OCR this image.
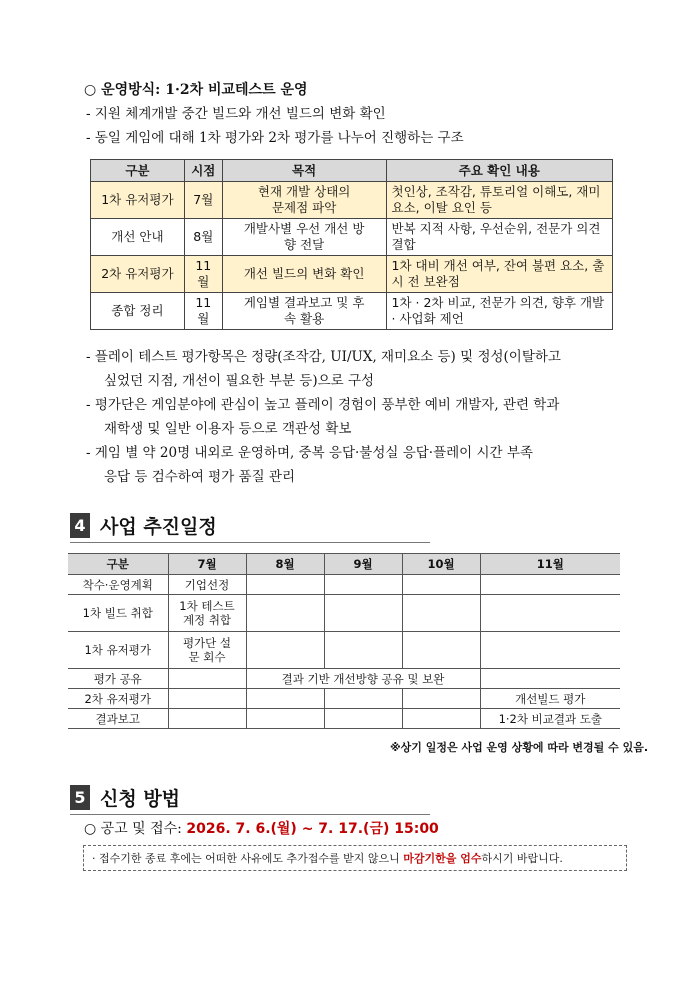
○ 운영방식: 1·2차 비교테스트 운영
- 지원 체계개발 중간 빌드와 개선 빌드의 변화 확인
- 동일 게임에 대해 1차 평가와 2차 평가를 나누어 진행하는 구조
구분	시점	목적	주요 확인 내용
1차 유저평가	7월	현재 개발 상태의 문제점 파악	첫인상, 조작감, 튜토리얼 이해도, 재미요소, 이탈 요인 등
개선 안내	8월	개발사별 우선 개선 방향 전달	반복 지적 사항, 우선순위, 전문가 의견 결합
2차 유저평가	11월	개선 빌드의 변화 확인	1차 대비 개선 여부, 잔여 불편 요소, 출시 전 보완점
종합 정리	11월	게임별 결과보고 및 후속 활용	1차 · 2차 비교, 전문가 의견, 향후 개발 · 사업화 제언
- 플레이 테스트 평가항목은 정량(조작감, UI/UX, 재미요소 등) 및 정성(이탈하고
싶었던 지점, 개선이 필요한 부분 등)으로 구성
- 평가단은 게임분야에 관심이 높고 플레이 경험이 풍부한 예비 개발자, 관련 학과
재학생 및 일반 이용자 등으로 객관성 확보
- 게임 별 약 20명 내외로 운영하며, 중복 응답·불성실 응답·플레이 시간 부족
응답 등 검수하여 평가 품질 관리
4 사업 추진일정
구분	7월	8월	9월	10월	11월
착수·운영계획	기업선정				
1차 빌드 취합	1차 테스트 계정 취합				
1차 유저평가	평가단 설문 회수				
평가 공유		결과 기반 개선방향 공유 및 보완			
2차 유저평가					개선빌드 평가
결과보고					1·2차 비교결과 도출
※상기 일정은 사업 운영 상황에 따라 변경될 수 있음.
5 신청 방법
○ 공고 및 접수: 2026. 7. 6.(월) ~ 7. 17.(금) 15:00
· 접수기한 종료 후에는 어떠한 사유에도 추가접수를 받지 않으니 마감기한을 엄수하시기 바랍니다.
